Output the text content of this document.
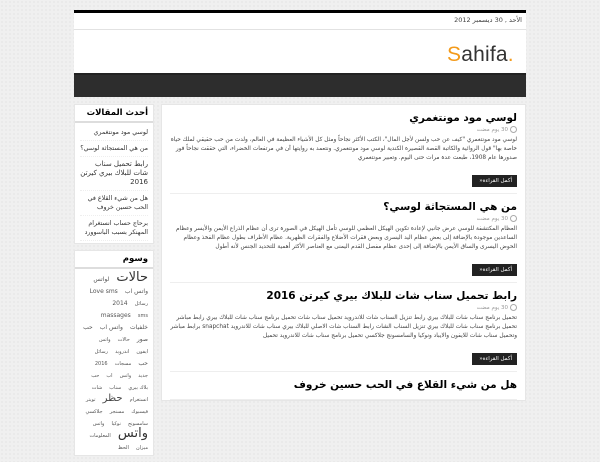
الأحد , 30 ديسمبر 2012
Sahifa.
أحدث المقالات
لوسي مود مونتغمري
من هي المستجاثة لوسي؟
رابط تحميل سناب شات للبلاك بيري كيرتن 2016
هل من شيء القلاع في الحب حسين خروف
برحاج حساب انستغرام المهنكر بسبب الباسوورد
وسوم
حالات لواتس واتس اب Love sms رسائل 2014 massages sms خلفيات واتس اب حب صور حالات واتس ايفون اندرويد رسائل حب مسجات 2016 جديد واتس اب حب بلاك بيري سناب شات انستغرام حظر تويتر فيسبوك مسنجر جلاكسي سامسونج نوكيا واتس واتس المعلومات ميزان الحظ
لوسي مود مونتغمري
30 يوم مضت
لوسي مود مونتغمري "كيف عن حب ولسن لأجل المال"، الكتب الأكثر نجاحاً ومثل كل الأشياء العظيمة في العالم، ولدت من حب حقيقي لملك حياة خاصة بها" قول الروائية والكاتبة القصة القصيرة الكندية لوسي مود مونتغمري. ونتعمد به روايتها آن في مرتفعات الخضراء، التي حققت نجاحاً فور صدورها عام 1908، طبعت عدة مرات حتى اليوم. وتعبير مونتغمري
أكمل القراءة«
من هي المستجاثة لوسي؟
30 يوم مضت
العظام المكتشفة للوسي عرض جانبي لإعادة تكوين الهيكل العظمي للوسي تأمل الهيكل في الصورة ترى أن عظام الذراع الأيمن والأيسر وعظام الساعدين موجودة بالإضافة إلى بعض عظام اليد اليسرى وبعض فقرات الأضلاع والفقرات الظهرية. عظام الأطراف بطول عظام الفخذ وعظام الحوض اليسرى والساق الأيمن بالإضافة إلى إحدى عظام مفصل القدم اليمنى مع العناصر الأكثر أهمية للتحديد الجنس لأنه أطول
أكمل القراءة«
رابط تحميل سناب شات للبلاك بيري كيرتن 2016
30 يوم مضت
تحميل برنامج سناب شات للبلاك بيري رابط تنزيل السناب شات للاندرويد تحميل سناب شات تحميل برنامج سناب شات للبلاك بيري رابط مباشر تحميل برنامج سناب شات للبلاك بيري تنزيل السناب الشات رابط السناب شات الاصلي للبلاك بيري سناب شات للاندرويد snapchat برابط مباشر وتحميل سناب شات للايفون والايباد ونوكيا والسامسونج جلاكسي تحميل برنامج سناب شات للاندرويد تحميل
أكمل القراءة«
هل من شيء القلاع في الحب حسين خروف
